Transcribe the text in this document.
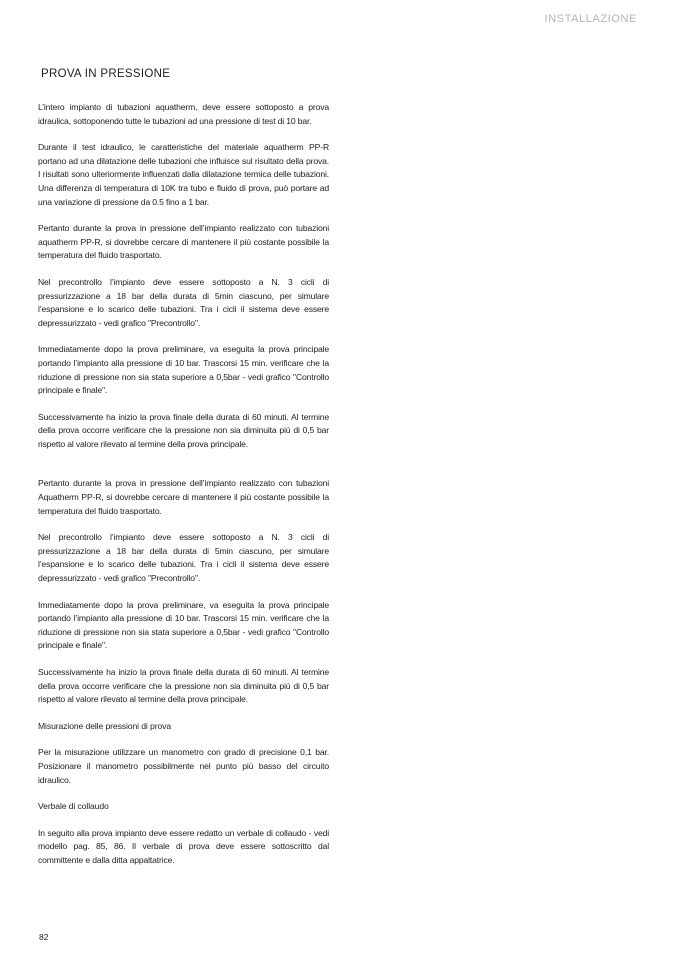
INSTALLAZIONE
PROVA IN PRESSIONE

L’intero impianto di tubazioni aquatherm, deve essere sottoposto a prova idraulica, sottoponendo tutte le tubazioni ad una pressione di test di 10 bar.

Durante il test idraulico, le caratteristiche del materiale aquatherm PP-R portano ad una dilatazione delle tubazioni che influisce sul risultato della prova. I risultati sono ulteriormente influenzati dalla dilatazione termica delle tubazioni. Una differenza di temperatura di 10K tra tubo e fluido di prova, può portare ad una variazione di pressione da 0.5 fino a 1 bar.

Pertanto durante la prova in pressione dell’impianto realizzato con tubazioni aquatherm PP-R, si dovrebbe cercare di mantenere il più costante possibile la temperatura del fluido trasportato.

Nel precontrollo l’impianto deve essere sottoposto a N. 3 cicli di pressurizzazione a 18 bar della durata di 5min ciascuno, per simulare l’espansione e lo scarico delle tubazioni. Tra i cicli il sistema deve essere depressurizzato - vedi grafico "Precontrollo".

Immediatamente dopo la prova preliminare, va eseguita la prova principale portando l’impianto alla pressione di 10 bar. Trascorsi 15 min. verificare che la riduzione di pressione non sia stata superiore a 0,5bar - vedi grafico "Controllo principale e finale".

Successivamente ha inizio la prova finale della durata di 60 minuti. Al termine della prova occorre verificare che la pressione non sia diminuita più di 0,5 bar rispetto al valore rilevato al termine della prova principale.

Pertanto durante la prova in pressione dell’impianto realizzato con tubazioni Aquatherm PP-R, si dovrebbe cercare di mantenere il più costante possibile la temperatura del fluido trasportato.

Nel precontrollo l’impianto deve essere sottoposto a N. 3 cicli di pressurizzazione a 18 bar della durata di 5min ciascuno, per simulare l’espansione e lo scarico delle tubazioni. Tra i cicli il sistema deve essere depressurizzato - vedi grafico "Precontrollo".

Immediatamente dopo la prova preliminare, va eseguita la prova principale portando l’impianto alla pressione di 10 bar. Trascorsi 15 min. verificare che la riduzione di pressione non sia stata superiore a 0,5bar - vedi grafico "Controllo principale e finale".

Successivamente ha inizio la prova finale della durata di 60 minuti. Al termine della prova occorre verificare che la pressione non sia diminuita più di 0,5 bar rispetto al valore rilevato al termine della prova principale.

Misurazione delle pressioni di prova

Per la misurazione utilizzare un manometro con grado di precisione 0,1 bar. Posizionare il manometro possibilmente nel punto più basso del circuito idraulico.

Verbale di collaudo

In seguito alla prova impianto deve essere redatto un verbale di collaudo - vedi modello pag. 85, 86. Il verbale di prova deve essere sottoscritto dal committente e dalla ditta appaltatrice.

82
